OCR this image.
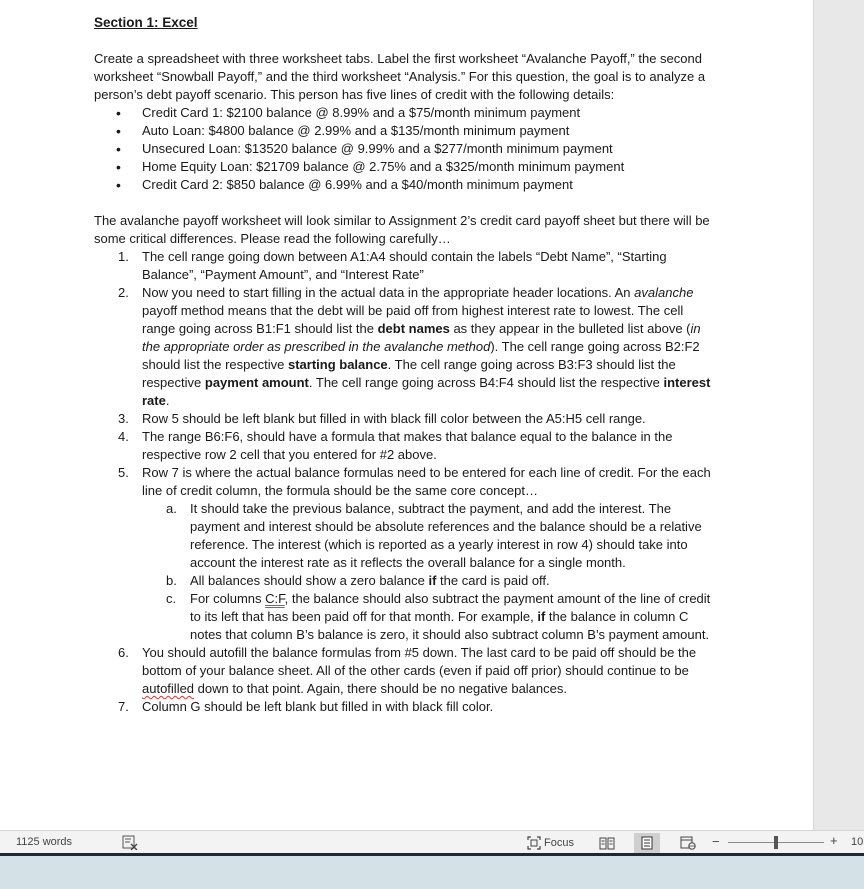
Section 1: Excel
Create a spreadsheet with three worksheet tabs. Label the first worksheet “Avalanche Payoff,” the second worksheet “Snowball Payoff,” and the third worksheet “Analysis.” For this question, the goal is to analyze a person’s debt payoff scenario. This person has five lines of credit with the following details:
• Credit Card 1: $2100 balance @ 8.99% and a $75/month minimum payment
• Auto Loan: $4800 balance @ 2.99% and a $135/month minimum payment
• Unsecured Loan: $13520 balance @ 9.99% and a $277/month minimum payment
• Home Equity Loan: $21709 balance @ 2.75% and a $325/month minimum payment
• Credit Card 2: $850 balance @ 6.99% and a $40/month minimum payment
The avalanche payoff worksheet will look similar to Assignment 2’s credit card payoff sheet but there will be some critical differences. Please read the following carefully…
1. The cell range going down between A1:A4 should contain the labels “Debt Name”, “Starting Balance”, “Payment Amount”, and “Interest Rate”
2. Now you need to start filling in the actual data in the appropriate header locations. An avalanche payoff method means that the debt will be paid off from highest interest rate to lowest. The cell range going across B1:F1 should list the debt names as they appear in the bulleted list above (in the appropriate order as prescribed in the avalanche method). The cell range going across B2:F2 should list the respective starting balance. The cell range going across B3:F3 should list the respective payment amount. The cell range going across B4:F4 should list the respective interest rate.
3. Row 5 should be left blank but filled in with black fill color between the A5:H5 cell range.
4. The range B6:F6, should have a formula that makes that balance equal to the balance in the respective row 2 cell that you entered for #2 above.
5. Row 7 is where the actual balance formulas need to be entered for each line of credit. For the each line of credit column, the formula should be the same core concept…
a. It should take the previous balance, subtract the payment, and add the interest. The payment and interest should be absolute references and the balance should be a relative reference. The interest (which is reported as a yearly interest in row 4) should take into account the interest rate as it reflects the overall balance for a single month.
b. All balances should show a zero balance if the card is paid off.
c. For columns C:F, the balance should also subtract the payment amount of the line of credit to its left that has been paid off for that month. For example, if the balance in column C notes that column B’s balance is zero, it should also subtract column B’s payment amount.
6. You should autofill the balance formulas from #5 down. The last card to be paid off should be the bottom of your balance sheet. All of the other cards (even if paid off prior) should continue to be autofilled down to that point. Again, there should be no negative balances.
7. Column G should be left blank but filled in with black fill color.
1125 words	Focus	−	+ 10
